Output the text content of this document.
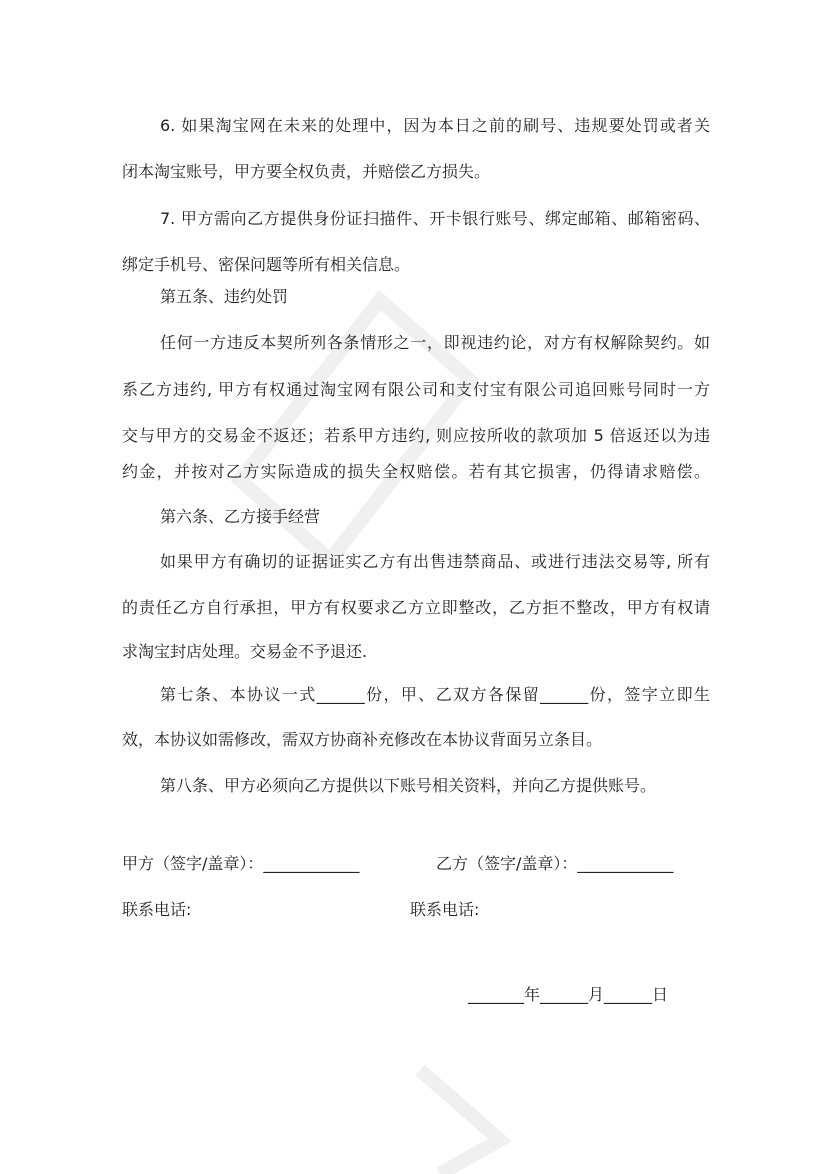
6. 如果淘宝网在未来的处理中，因为本日之前的刷号、违规要处罚或者关
闭本淘宝账号，甲方要全权负责，并赔偿乙方损失。
7. 甲方需向乙方提供身份证扫描件、开卡银行账号、绑定邮箱、邮箱密码、
绑定手机号、密保问题等所有相关信息。
第五条、违约处罚
任何一方违反本契所列各条情形之一，即视违约论，对方有权解除契约。如
系乙方违约, 甲方有权通过淘宝网有限公司和支付宝有限公司追回账号同时一方
交与甲方的交易金不返还；若系甲方违约, 则应按所收的款项加 5 倍返还以为违
约金，并按对乙方实际造成的损失全权赔偿。若有其它损害，仍得请求赔偿。
第六条、乙方接手经营
如果甲方有确切的证据证实乙方有出售违禁商品、或进行违法交易等, 所有
的责任乙方自行承担，甲方有权要求乙方立即整改，乙方拒不整改，甲方有权请
求淘宝封店处理。交易金不予退还.
第七条、本协议一式______份，甲、乙双方各保留______份，签字立即生
效，本协议如需修改，需双方协商补充修改在本协议背面另立条目。
第八条、甲方必须向乙方提供以下账号相关资料，并向乙方提供账号。
甲方（签字/盖章）：____________	乙方（签字/盖章）：____________
联系电话:	联系电话:
_______年______月______日
